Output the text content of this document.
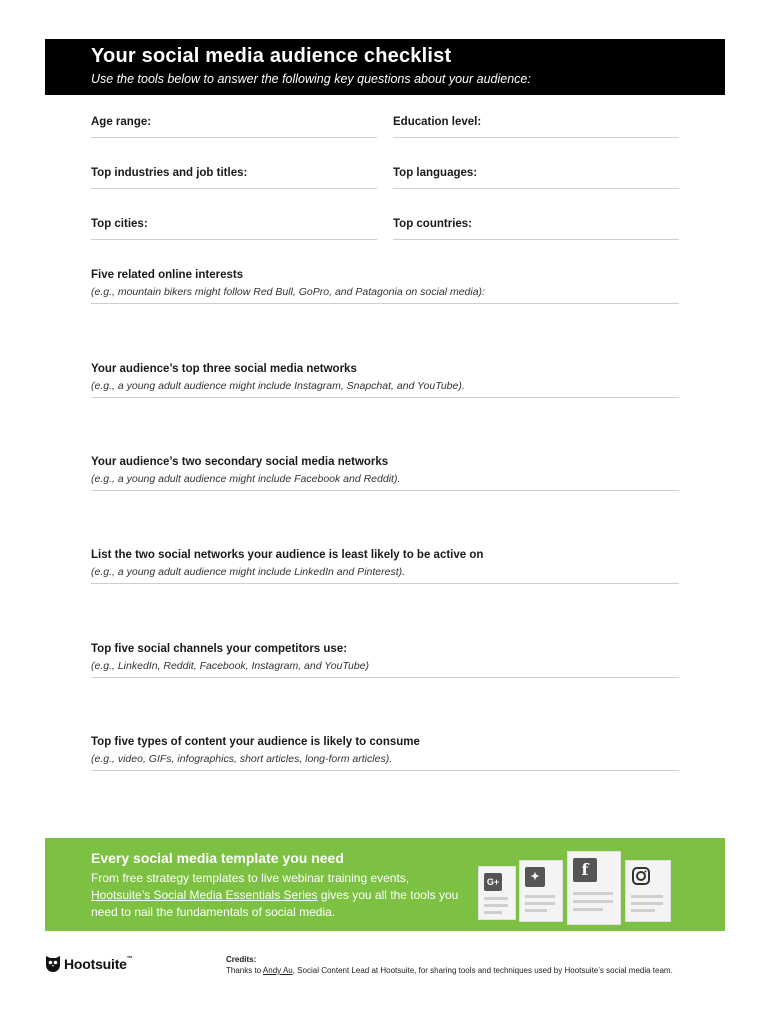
Your social media audience checklist
Use the tools below to answer the following key questions about your audience:
Age range:	Education level:
Top industries and job titles:	Top languages:
Top cities:	Top countries:
Five related online interests
(e.g., mountain bikers might follow Red Bull, GoPro, and Patagonia on social media):
Your audience’s top three social media networks
(e.g., a young adult audience might include Instagram, Snapchat, and YouTube).
Your audience’s two secondary social media networks
(e.g., a young adult audience might include Facebook and Reddit).
List the two social networks your audience is least likely to be active on
(e.g., a young adult audience might include LinkedIn and Pinterest).
Top five social channels your competitors use:
(e.g., LinkedIn, Reddit, Facebook, Instagram, and YouTube)
Top five types of content your audience is likely to consume
(e.g., video, GIFs, infographics, short articles, long-form articles).
Every social media template you need
From free strategy templates to live webinar training events, Hootsuite’s Social Media Essentials Series gives you all the tools you need to nail the fundamentals of social media.
G+	✦	f
Hootsuite™	Credits:
Thanks to Andy Au, Social Content Lead at Hootsuite, for sharing tools and techniques used by Hootsuite’s social media team.
